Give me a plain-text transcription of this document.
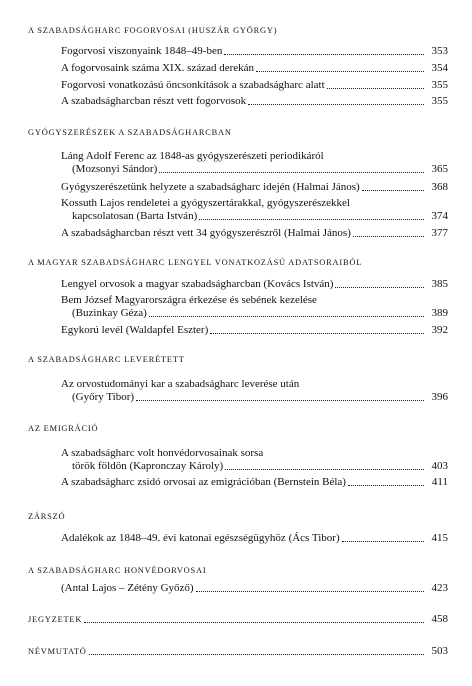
A SZABADSÁGHARC FOGORVOSAI (HUSZÁR GYÖRGY)
Fogorvosi viszonyaink 1848–49-ben	353
A fogorvosaink száma XIX. század derekán	354
Fogorvosi vonatkozású öncsonkítások a szabadságharc alatt	355
A szabadságharcban részt vett fogorvosok	355
GYÓGYSZERÉSZEK A SZABADSÁGHARCBAN
Láng Adolf Ferenc az 1848-as gyógyszerészeti periodikáról
(Mozsonyi Sándor)	365
Gyógyszerészetünk helyzete a szabadságharc idején (Halmai János)	368
Kossuth Lajos rendeletei a gyógyszertárakkal, gyógyszerészekkel
kapcsolatosan (Barta István)	374
A szabadságharcban részt vett 34 gyógyszerészről (Halmai János)	377
A MAGYAR SZABADSÁGHARC LENGYEL VONATKOZÁSÚ ADATSORAIBÓL
Lengyel orvosok a magyar szabadságharcban (Kovács István)	385
Bem József Magyarországra érkezése és sebének kezelése
(Buzinkay Géza)	389
Egykorú levél (Waldapfel Eszter)	392
A SZABADSÁGHARC LEVERÉTETT
Az orvostudományi kar a szabadságharc leverése után
(Győry Tibor)	396
AZ EMIGRÁCIÓ
A szabadságharc volt honvédorvosainak sorsa
török földön (Kapronczay Károly)	403
A szabadságharc zsidó orvosai az emigrációban (Bernstein Béla)	411
ZÁRSZÓ
Adalékok az 1848–49. évi katonai egészségügyhöz (Ács Tibor)	415
A SZABADSÁGHARC HONVÉDORVOSAI
(Antal Lajos – Zétény Győző)	423
JEGYZETEK	458
NÉVMUTATÓ	503
